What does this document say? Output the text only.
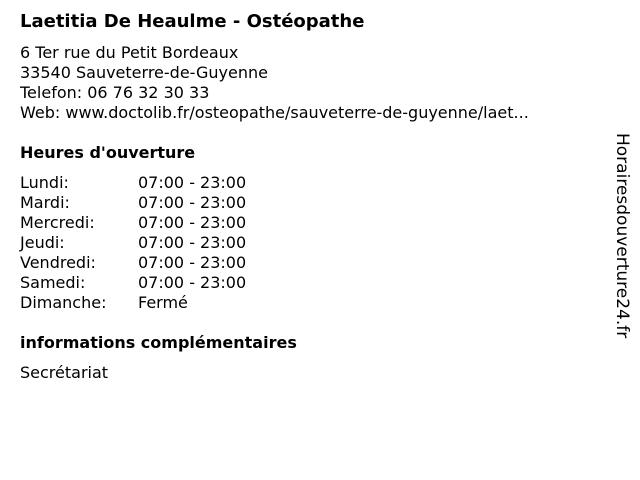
Laetitia De Heaulme - Ostéopathe
6 Ter rue du Petit Bordeaux
33540 Sauveterre-de-Guyenne
Telefon: 06 76 32 30 33
Web: www.doctolib.fr/osteopathe/sauveterre-de-guyenne/laet...
Heures d'ouverture
Lundi:	07:00 - 23:00
Mardi:	07:00 - 23:00
Mercredi:	07:00 - 23:00
Jeudi:	07:00 - 23:00
Vendredi:	07:00 - 23:00
Samedi:	07:00 - 23:00
Dimanche:	Fermé
informations complémentaires
Secrétariat
Horairesdouverture24.fr
